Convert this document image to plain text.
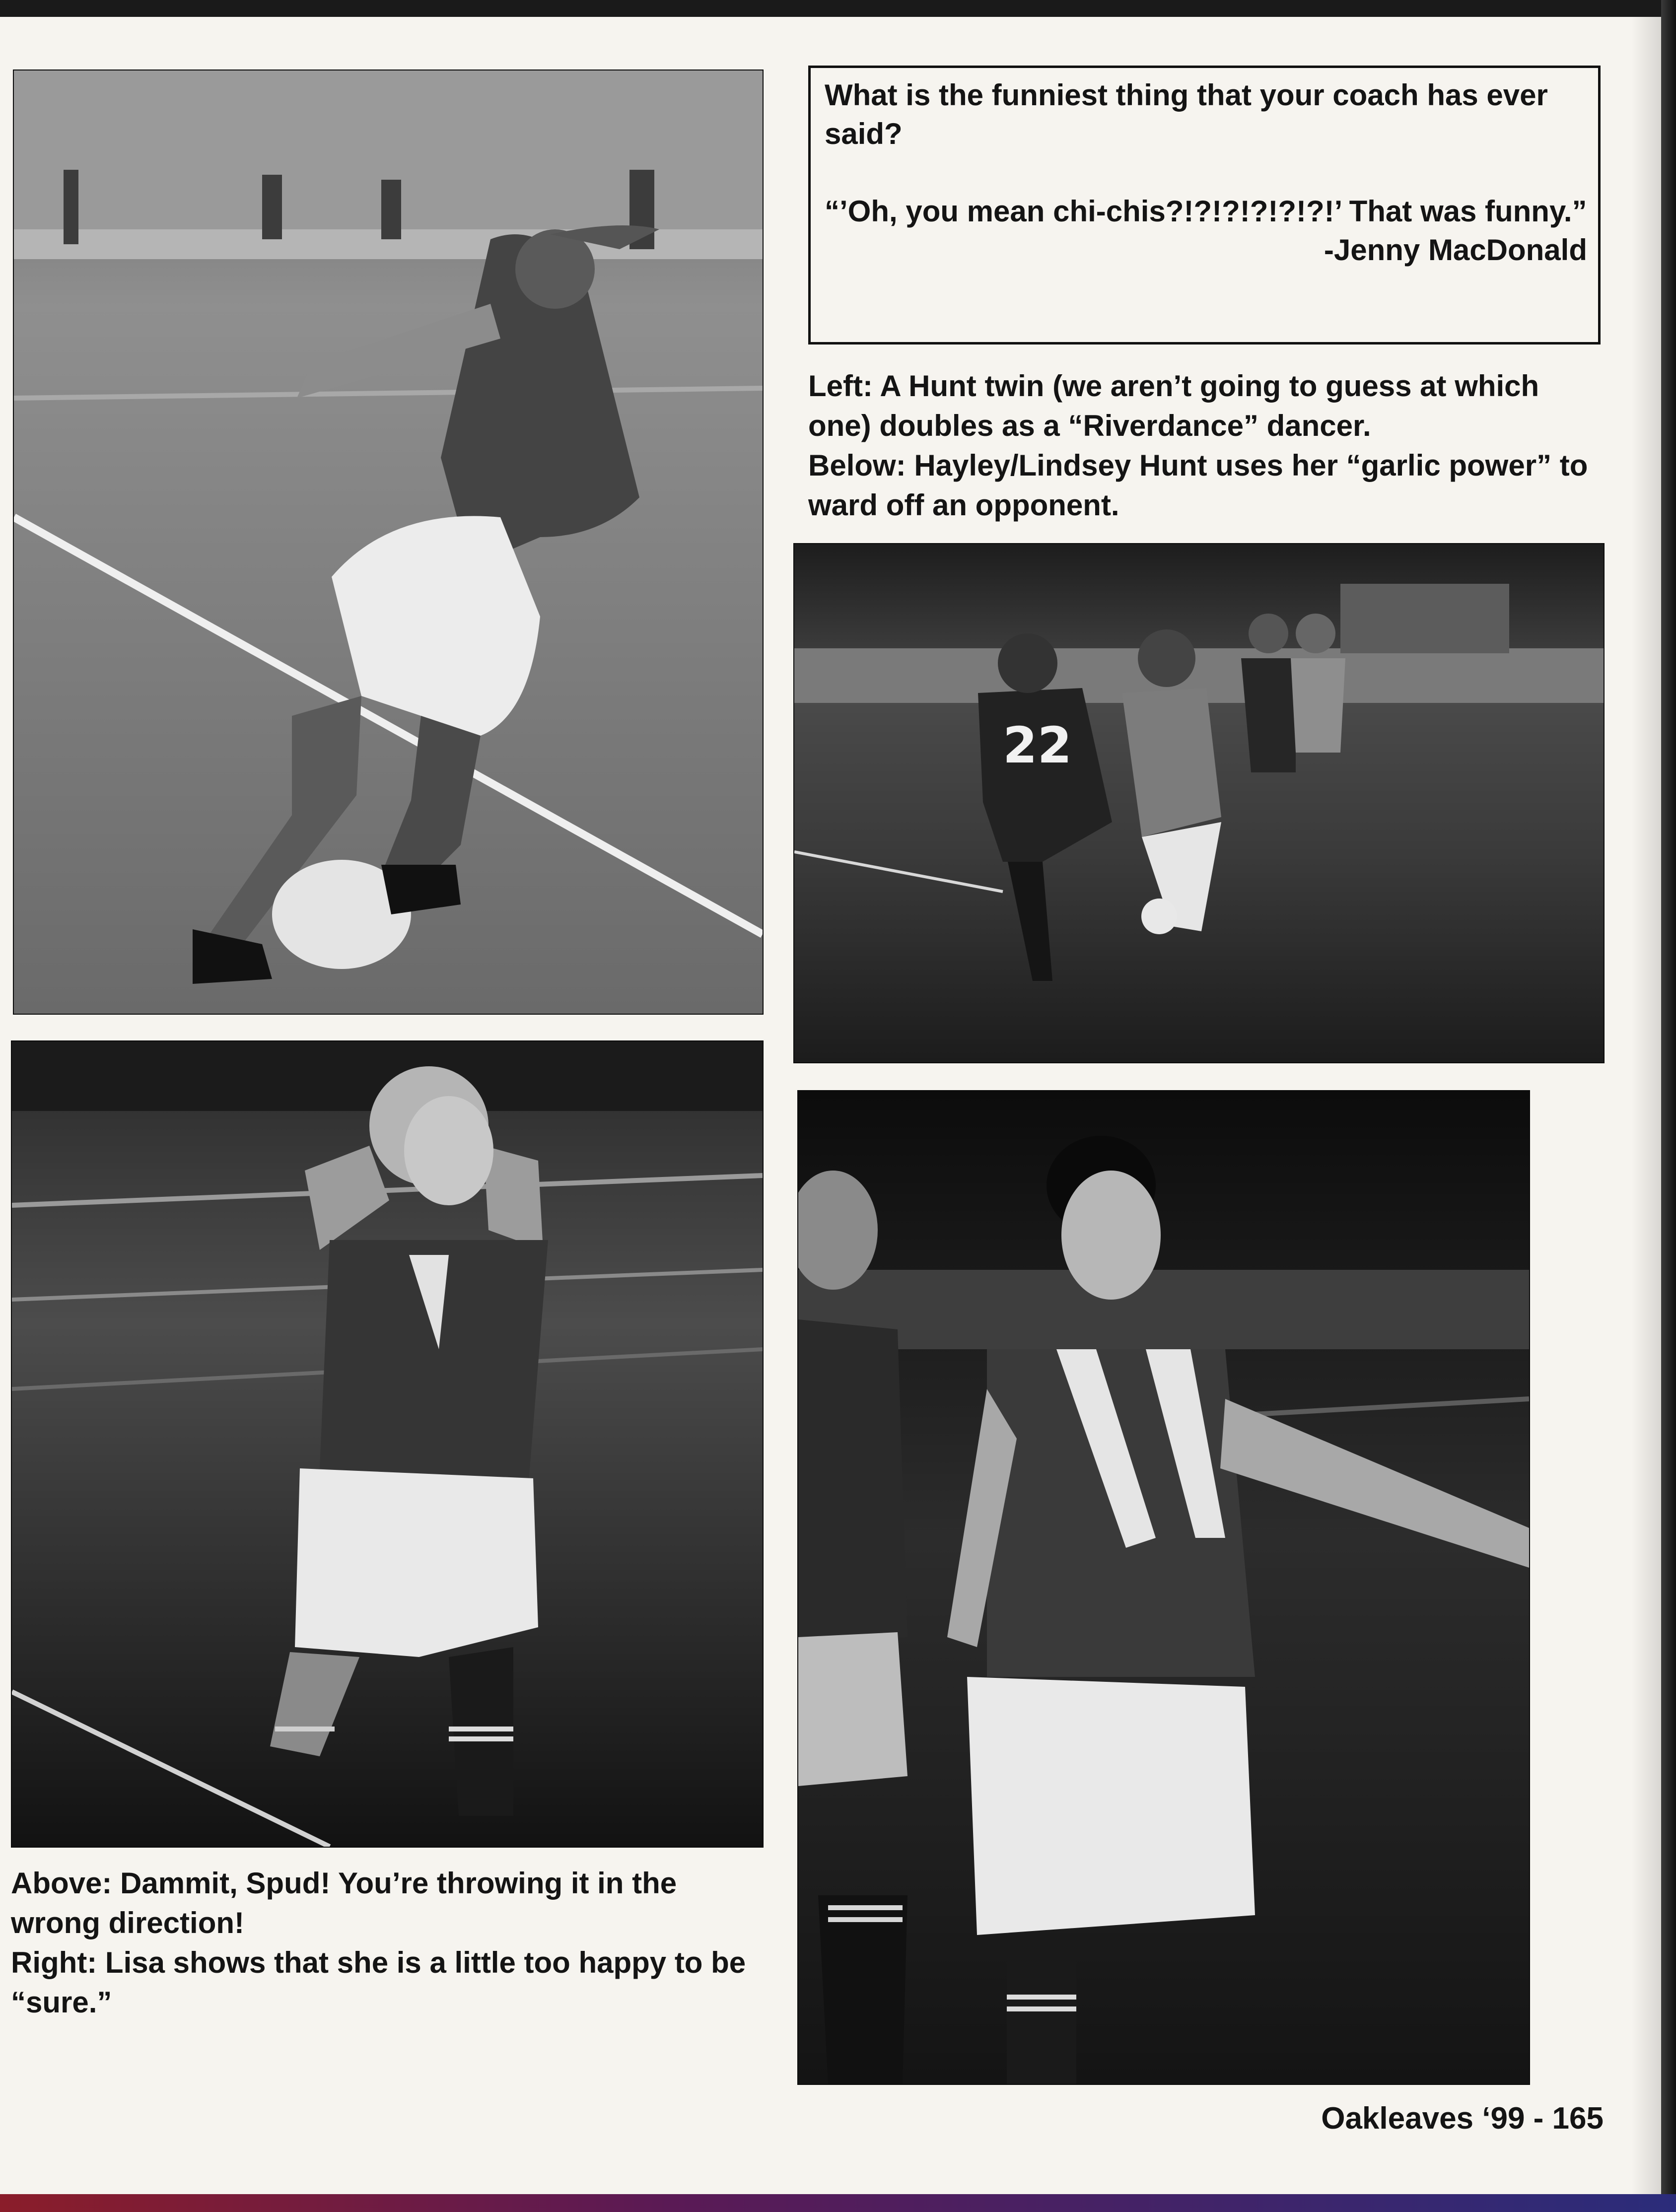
What is the funniest thing that your coach has ever said?
“’Oh, you mean chi-chis?!?!?!?!?!?!’ That was funny.”
-Jenny MacDonald
Left: A Hunt twin (we aren’t going to guess at which one) doubles as a “Riverdance” dancer.
Below: Hayley/Lindsey Hunt uses her “garlic power” to ward off an opponent.
22
Above: Dammit, Spud! You’re throwing it in the wrong direction!
Right: Lisa shows that she is a little too happy to be “sure.”
Oakleaves ‘99 - 165
